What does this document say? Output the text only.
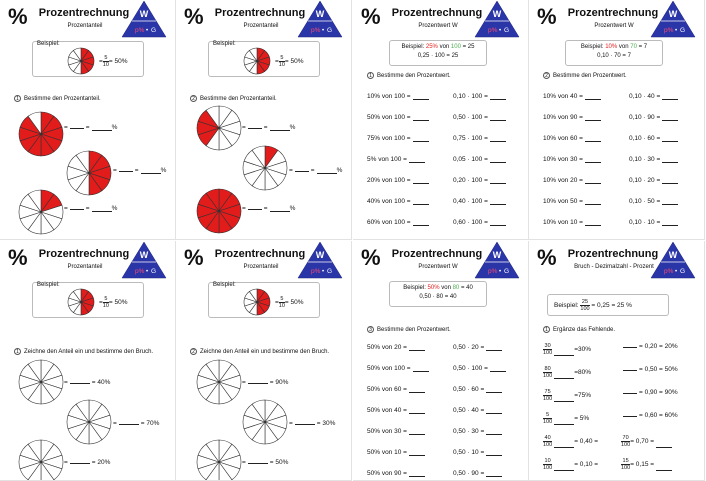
% Prozentrechnung
Prozentanteil
W
p% • G
Beispiel:
= $\frac{5}{10} = 50\%$
1 Bestimme den Prozentanteil.
=	=	%
=	=	%
=	=	%
% Prozentrechnung
Prozentanteil
W
p% • G
Beispiel:
= $\frac{5}{10} = 50\%$
2 Bestimme den Prozentanteil.
=	=	%
=	=	%
=	=	%
% Prozentrechnung
Prozentwert W
W
p% • G
Beispiel: 25% von 100 = 25
0,25 · 100 = 25
1 Bestimme den Prozentwert.
10% von 100 =	0,10 · 100 =
50% von 100 =	0,50 · 100 =
75% von 100 =	0,75 · 100 =
5% von 100 =	0,05 · 100 =
20% von 100 =	0,20 · 100 =
40% von 100 =	0,40 · 100 =
60% von 100 =	0,60 · 100 =
% Prozentrechnung
Prozentwert W
W
p% • G
Beispiel: 10% von 70 = 7
0,10 · 70 = 7
2 Bestimme den Prozentwert.
10% von 40 =	0,10 · 40 =
10% von 90 =	0,10 · 90 =
10% von 60 =	0,10 · 60 =
10% von 30 =	0,10 · 30 =
10% von 20 =	0,10 · 20 =
10% von 50 =	0,10 · 50 =
10% von 10 =	0,10 · 10 =
% Prozentrechnung
Prozentanteil
W
p% • G
Beispiel:
= $\frac{5}{10} = 50\%$
1 Zeichne den Anteil ein und bestimme den Bruch.
=	= 40%
=	= 70%
=	= 20%
% Prozentrechnung
Prozentanteil
W
p% • G
Beispiel:
= $\frac{5}{10} = 50\%$
2 Zeichne den Anteil ein und bestimme den Bruch.
=	= 90%
=	= 30%
=	= 50%
% Prozentrechnung
Prozentwert W
W
p% • G
Beispiel: 50% von 80 = 40
0,50 · 80 = 40
3 Bestimme den Prozentwert.
50% von 20 =	0,50 · 20 =
50% von 100 =	0,50 · 100 =
50% von 60 =	0,50 · 60 =
50% von 40 =	0,50 · 40 =
50% von 30 =	0,50 · 30 =
50% von 10 =	0,50 · 10 =
50% von 90 =	0,50 · 90 =
% Prozentrechnung
Bruch - Dezimalzahl - Prozent
W
p% • G
Beispiel: $\frac{25}{100} = 0,25 = 25$ %
1 Ergänze das Fehlende.
$\frac{30}{100}$	=30%	= 0,20 = 20%
$\frac{80}{100}$	=80%	= 0,50 = 50%
$\frac{75}{100}$	=75%	= 0,90 = 90%
$\frac{5}{100}$	= 5%	= 0,60 = 60%
$\frac{40}{100}$	= 0,40 =	$\frac{70}{100} = 0,70$ =
$\frac{10}{100}$	= 0,10 =	$\frac{15}{100} = 0,15$ =
